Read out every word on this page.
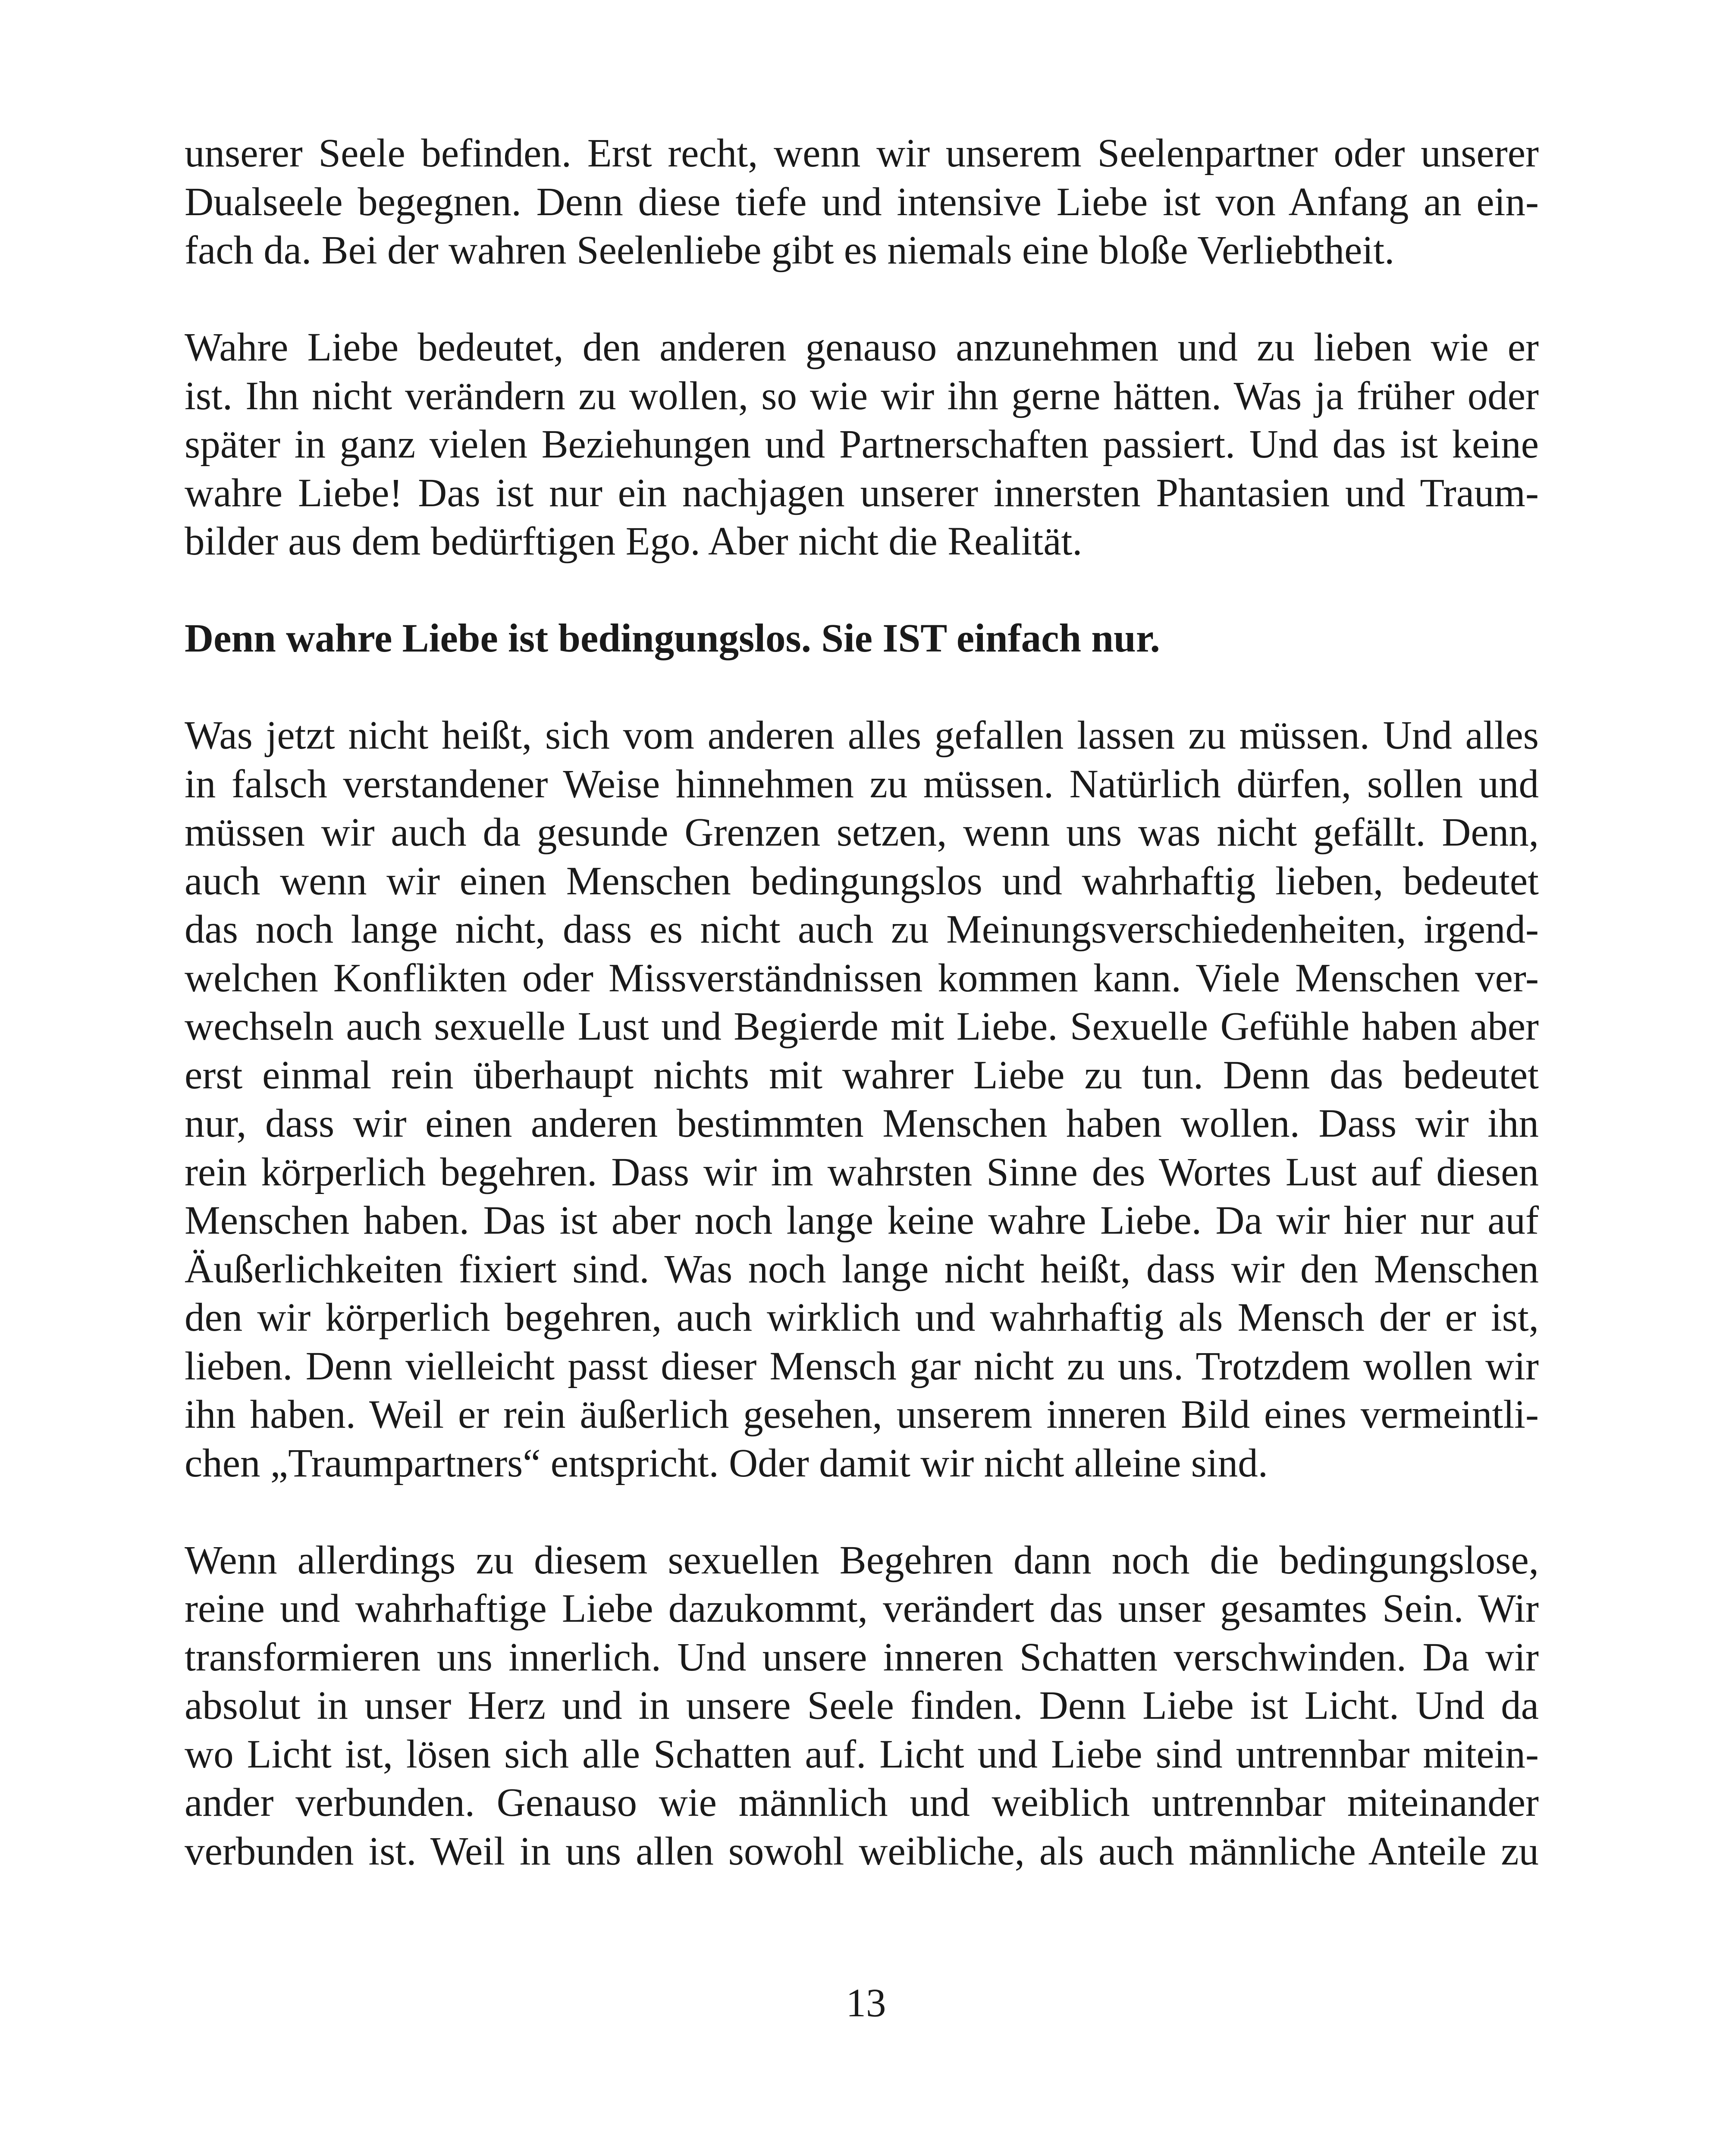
unserer Seele befinden. Erst recht, wenn wir unserem Seelenpartner oder unserer
Dualseele begegnen. Denn diese tiefe und intensive Liebe ist von Anfang an ein-
fach da. Bei der wahren Seelenliebe gibt es niemals eine bloße Verliebtheit.
Wahre Liebe bedeutet, den anderen genauso anzunehmen und zu lieben wie er
ist. Ihn nicht verändern zu wollen, so wie wir ihn gerne hätten. Was ja früher oder
später in ganz vielen Beziehungen und Partnerschaften passiert. Und das ist keine
wahre Liebe! Das ist nur ein nachjagen unserer innersten Phantasien und Traum-
bilder aus dem bedürftigen Ego. Aber nicht die Realität.
Denn wahre Liebe ist bedingungslos. Sie IST einfach nur.
Was jetzt nicht heißt, sich vom anderen alles gefallen lassen zu müssen. Und alles
in falsch verstandener Weise hinnehmen zu müssen. Natürlich dürfen, sollen und
müssen wir auch da gesunde Grenzen setzen, wenn uns was nicht gefällt. Denn,
auch wenn wir einen Menschen bedingungslos und wahrhaftig lieben, bedeutet
das noch lange nicht, dass es nicht auch zu Meinungsverschiedenheiten, irgend-
welchen Konflikten oder Missverständnissen kommen kann. Viele Menschen ver-
wechseln auch sexuelle Lust und Begierde mit Liebe. Sexuelle Gefühle haben aber
erst einmal rein überhaupt nichts mit wahrer Liebe zu tun. Denn das bedeutet
nur, dass wir einen anderen bestimmten Menschen haben wollen. Dass wir ihn
rein körperlich begehren. Dass wir im wahrsten Sinne des Wortes Lust auf diesen
Menschen haben. Das ist aber noch lange keine wahre Liebe. Da wir hier nur auf
Äußerlichkeiten fixiert sind. Was noch lange nicht heißt, dass wir den Menschen
den wir körperlich begehren, auch wirklich und wahrhaftig als Mensch der er ist,
lieben. Denn vielleicht passt dieser Mensch gar nicht zu uns. Trotzdem wollen wir
ihn haben. Weil er rein äußerlich gesehen, unserem inneren Bild eines vermeintli-
chen „Traumpartners“ entspricht. Oder damit wir nicht alleine sind.
Wenn allerdings zu diesem sexuellen Begehren dann noch die bedingungslose,
reine und wahrhaftige Liebe dazukommt, verändert das unser gesamtes Sein. Wir
transformieren uns innerlich. Und unsere inneren Schatten verschwinden. Da wir
absolut in unser Herz und in unsere Seele finden. Denn Liebe ist Licht. Und da
wo Licht ist, lösen sich alle Schatten auf. Licht und Liebe sind untrennbar mitein-
ander verbunden. Genauso wie männlich und weiblich untrennbar miteinander
verbunden ist. Weil in uns allen sowohl weibliche, als auch männliche Anteile zu
13
